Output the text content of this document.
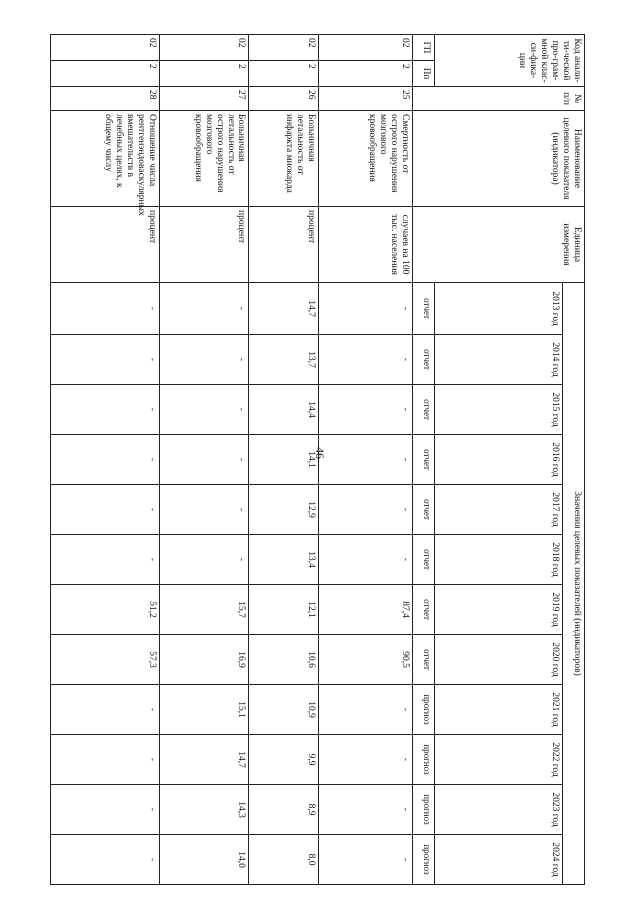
46
Код анали-ти-ческой про-грам-мной клас-си-фика-ции		№ п/п	Наименование целевого показателя (индикатора)	Единица измерения	Значения целевых показателей (индикаторов)											
					2013 год	2014 год	2015 год	2016 год	2017 год	2018 год	2019 год	2020 год	2021 год	2022 год	2023 год	2024 год
ГП	Пп				отчет	отчет	отчет	отчет	отчет	отчет	отчет	отчет	прогноз	прогноз	прогноз	прогноз
02	2	25	Смертность от острого нарушения мозгового кровообращения	случаев на 100 тыс. населения	-	-	-	-	-	-	87,4	90,5	-	-	-	-
02	2	26	Больничная летальность от инфаркта миокарда	процент	14,7	13,7	14,4	14,1	12,9	13,4	12,1	10,6	10,9	9,9	8,9	8,0
02	2	27	Больничная летальность от острого нарушения мозгового кровообращения	процент	-	-	-	-	-	-	15,7	16,9	15,1	14,7	14,3	14,0
02	2	28	Отношение числа рентгенэндоваскулярных вмешательств в лечебных целях, к общему числу	процент	-	-	-	-	-	-	51,2	57,3	-	-	-	-
